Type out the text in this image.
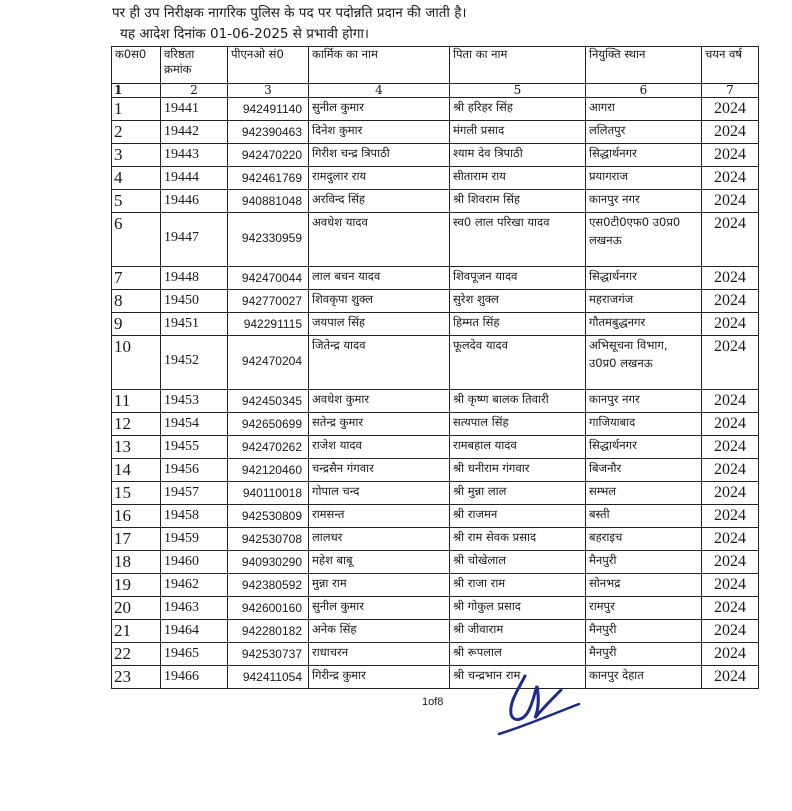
पर ही उप निरीक्षक नागरिक पुलिस के पद पर पदोन्नति प्रदान की जाती है।
यह आदेश दिनांक 01-06-2025 से प्रभावी होगा।
क0स0	वरिष्ठता क्रमांक	पीएनओ सं0	कार्मिक का नाम	पिता का नाम	नियुक्ति स्थान	चयन वर्ष
1	2	3	4	5	6	7
1	19441	942491140	सुनील कुमार	श्री हरिहर सिंह	आगरा	2024
2	19442	942390463	दिनेश कुमार	मंगली प्रसाद	ललितपुर	2024
3	19443	942470220	गिरीश चन्द्र त्रिपाठी	श्याम देव त्रिपाठी	सिद्धार्थनगर	2024
4	19444	942461769	रामदुलार राय	सीताराम राय	प्रयागराज	2024
5	19446	940881048	अरविन्द सिंह	श्री शिवराम सिंह	कानपुर नगर	2024
6	19447	942330959	अवधेश यादव	स्व0 लाल परिखा यादव	एस0टी0एफ0 उ0प्र0 लखनऊ	2024
7	19448	942470044	लाल बचन यादव	शिवपूजन यादव	सिद्धार्थनगर	2024
8	19450	942770027	शिवकृपा शुक्ल	सुरेश शुक्ल	महराजगंज	2024
9	19451	942291115	जयपाल सिंह	हिम्मत सिंह	गौतमबुद्धनगर	2024
10	19452	942470204	जितेन्द्र यादव	फूलदेव यादव	अभिसूचना विभाग, उ0प्र0 लखनऊ	2024
11	19453	942450345	अवधेश कुमार	श्री कृष्ण बालक तिवारी	कानपुर नगर	2024
12	19454	942650699	सतेन्द्र कुमार	सत्यपाल सिंह	गाजियाबाद	2024
13	19455	942470262	राजेश यादव	रामबहाल यादव	सिद्धार्थनगर	2024
14	19456	942120460	चन्द्रसैन गंगवार	श्री धनीराम गंगवार	बिजनौर	2024
15	19457	940110018	गोपाल चन्द	श्री मुन्ना लाल	सम्भल	2024
16	19458	942530809	रामसन्त	श्री राजमन	बस्ती	2024
17	19459	942530708	लालधर	श्री राम सेवक प्रसाद	बहराइच	2024
18	19460	940930290	महेश बाबू	श्री चोखेलाल	मैनपुरी	2024
19	19462	942380592	मुन्ना राम	श्री राजा राम	सोनभद्र	2024
20	19463	942600160	सुनील कुमार	श्री गोकुल प्रसाद	रामपुर	2024
21	19464	942280182	अनेक सिंह	श्री जीवाराम	मैनपुरी	2024
22	19465	942530737	राधाचरन	श्री रूपलाल	मैनपुरी	2024
23	19466	942411054	गिरीन्द्र कुमार	श्री चन्द्रभान राम	कानपुर देहात	2024
1of8
